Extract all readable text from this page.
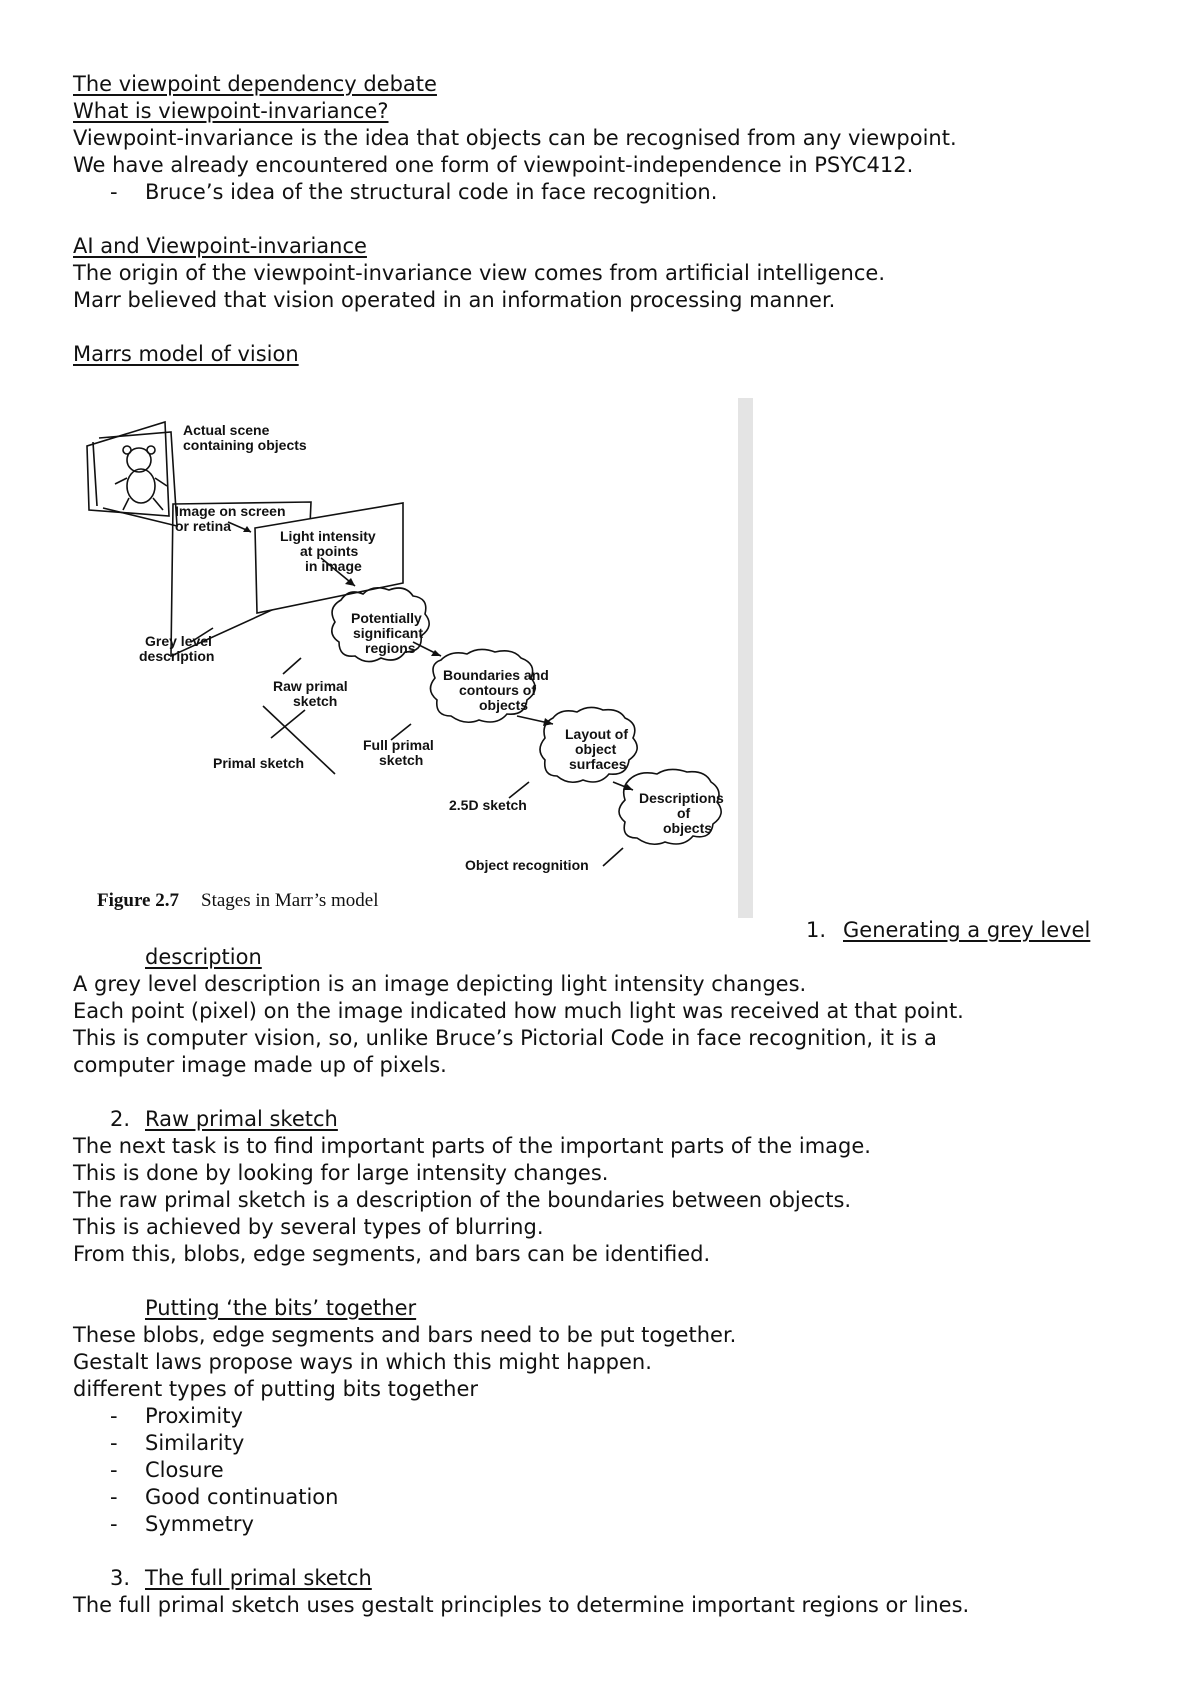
The viewpoint dependency debate
What is viewpoint-invariance?
Viewpoint-invariance is the idea that objects can be recognised from any viewpoint.
We have already encountered one form of viewpoint-independence in PSYC412.
- Bruce’s idea of the structural code in face recognition.
AI and Viewpoint-invariance
The origin of the viewpoint-invariance view comes from artificial intelligence.
Marr believed that vision operated in an information processing manner.
Marrs model of vision
Actual scene
containing objects
Image on screen
or retina
Light intensity
at points
in image
Grey level
description
Potentially
significant
regions
Raw primal
sketch
Boundaries and
contours of
objects
Primal sketch
Full primal
sketch
Layout of
object
surfaces
2.5D sketch	Descriptions
of
objects
Object recognition
Figure 2.7 Stages in Marr’s model
1. Generating a grey level
description
A grey level description is an image depicting light intensity changes.
Each point (pixel) on the image indicated how much light was received at that point.
This is computer vision, so, unlike Bruce’s Pictorial Code in face recognition, it is a
computer image made up of pixels.
2. Raw primal sketch
The next task is to find important parts of the important parts of the image.
This is done by looking for large intensity changes.
The raw primal sketch is a description of the boundaries between objects.
This is achieved by several types of blurring.
From this, blobs, edge segments, and bars can be identified.
Putting ‘the bits’ together
These blobs, edge segments and bars need to be put together.
Gestalt laws propose ways in which this might happen.
different types of putting bits together
- Proximity
- Similarity
- Closure
- Good continuation
- Symmetry
3. The full primal sketch
The full primal sketch uses gestalt principles to determine important regions or lines.
